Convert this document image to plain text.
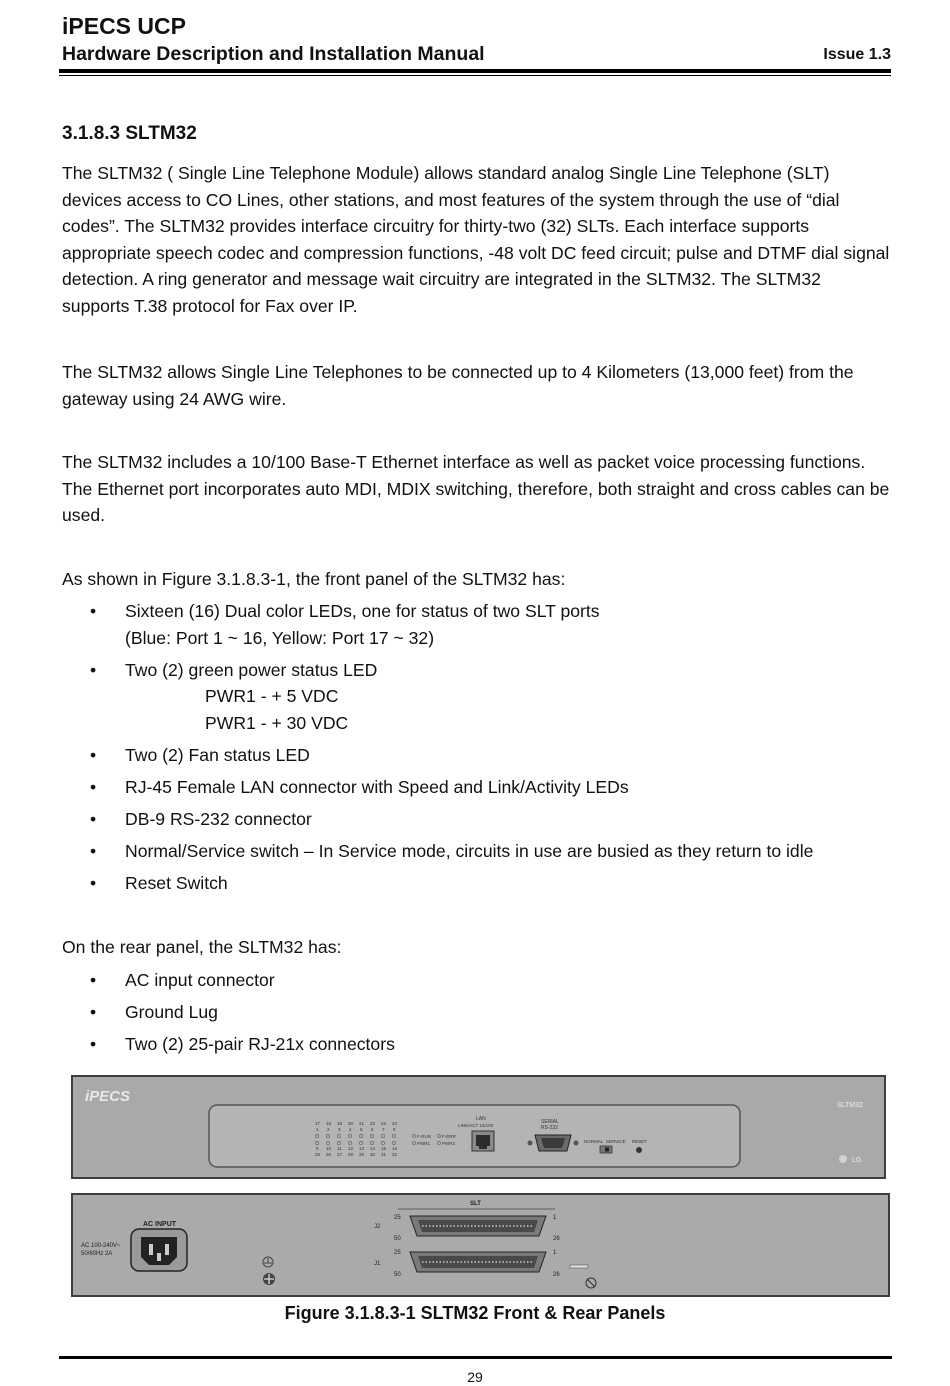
iPECS UCP
Hardware Description and Installation Manual	Issue 1.3
3.1.8.3 SLTM32

The SLTM32 ( Single Line Telephone Module) allows standard analog Single Line Telephone (SLT) devices access to CO Lines, other stations, and most features of the system through the use of “dial codes”. The SLTM32 provides interface circuitry for thirty-two (32) SLTs. Each interface supports appropriate speech codec and compression functions, -48 volt DC feed circuit; pulse and DTMF dial signal detection. A ring generator and message wait circuitry are integrated in the SLTM32. The SLTM32 supports T.38 protocol for Fax over IP.

The SLTM32 allows Single Line Telephones to be connected up to 4 Kilometers (13,000 feet) from the gateway using 24 AWG wire.

The SLTM32 includes a 10/100 Base-T Ethernet interface as well as packet voice processing functions. The Ethernet port incorporates auto MDI, MDIX switching, therefore, both straight and cross cables can be used.

As shown in Figure 3.1.8.3-1, the front panel of the SLTM32 has:

• Sixteen (16) Dual color LEDs, one for status of two SLT ports
(Blue: Port 1 ~ 16, Yellow: Port 17 ~ 32)
• Two (2) green power status LED
PWR1 - + 5 VDC
PWR1 - + 30 VDC
• Two (2) Fan status LED
• RJ-45 Female LAN connector with Speed and Link/Activity LEDs
• DB-9 RS-232 connector
• Normal/Service switch – In Service mode, circuits in use are busied as they return to idle
• Reset Switch

On the rear panel, the SLTM32 has:

• AC input connector
• Ground Lug
• Two (2) 25-pair RJ-21x connectors
iPECS
SLTM32
17 18 19 20 21 22 23 24
1 2 3 4 5 6 7 8
9 10 11 12 13 14 15 16
25 26 27 28 29 30 31 32
F-RUN F-ERR
PWR1	PWR2
LAN
LINK/ACT 10/100
SERIAL
RS-232
NORMAL SERVICE RESET
LG
AC INPUT
AC 100-240V~
50/60Hz 2A
SLT
J2
25
50
1
26
J1
25
50
1
26
Figure 3.1.8.3-1 SLTM32 Front & Rear Panels
29
